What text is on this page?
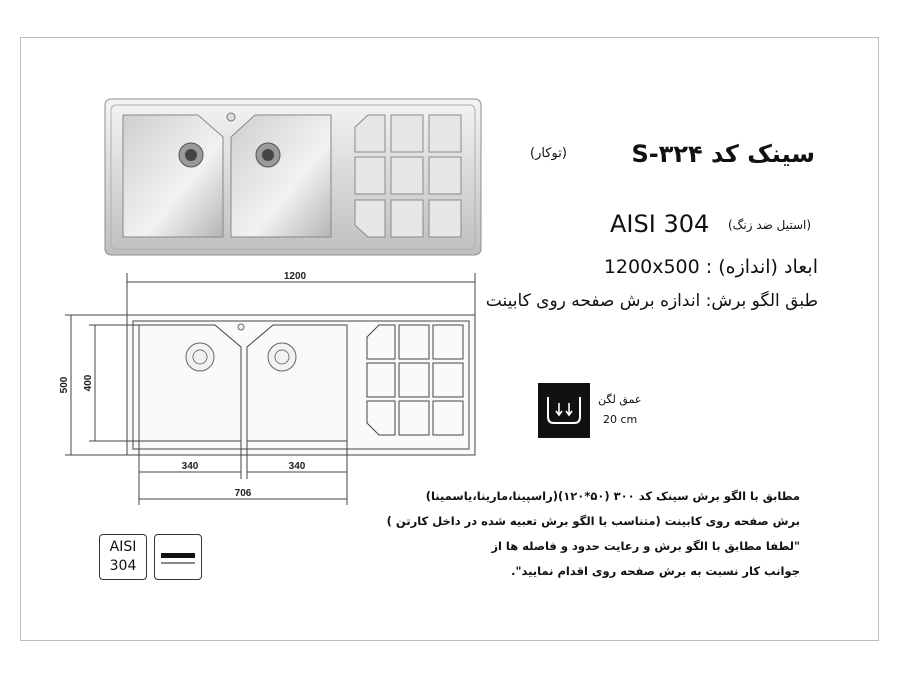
1200
500 400
340	340
706
سینک کد S-۳۲۴
(توکار)
AISI 304 (استیل ضد زنگ)
ابعاد (اندازه) : 1200x500
طبق الگو برش: اندازه برش صفحه روی کابینت
عمق لگن
20 cm
مطابق با الگو برش سینک کد ۳۰۰ (۵۰*۱۲۰)(راسپینا،مارینا،یاسمینا)
برش صفحه روی کابینت (متناسب با الگو برش تعبیه شده در داخل کارتن )
"لطفا مطابق با الگو برش و رعایت حدود و فاصله ها از
جوانب کار نسبت به برش صفحه روی اقدام نمایید".
AISI
304
